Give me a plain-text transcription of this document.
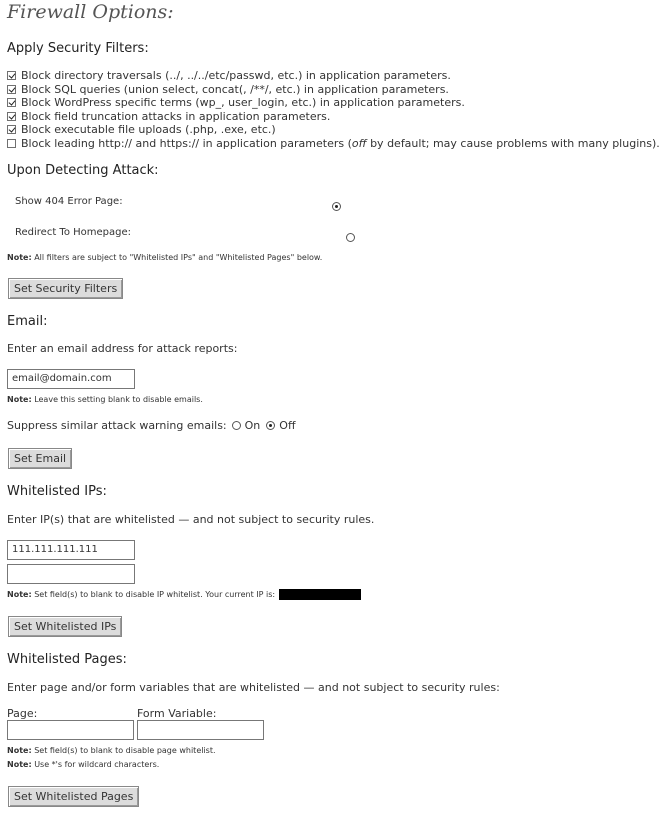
Firewall Options:
Apply Security Filters:
Block directory traversals (../, ../../etc/passwd, etc.) in application parameters.
Block SQL queries (union select, concat(, /**/, etc.) in application parameters.
Block WordPress specific terms (wp_, user_login, etc.) in application parameters.
Block field truncation attacks in application parameters.
Block executable file uploads (.php, .exe, etc.)
Block leading http:// and https:// in application parameters (off by default; may cause problems with many plugins).
Upon Detecting Attack:
Show 404 Error Page:

Redirect To Homepage:
Note: All filters are subject to "Whitelisted IPs" and "Whitelisted Pages" below.
Set Security Filters
Email:
Enter an email address for attack reports:
email@domain.com
Note: Leave this setting blank to disable emails.
Suppress similar attack warning emails: On Off
Set Email
Whitelisted IPs:
Enter IP(s) that are whitelisted — and not subject to security rules.
111.111.111.111
Note:
Set field(s) to blank to disable IP whitelist. Your current IP is:
Set Whitelisted IPs
Whitelisted Pages:
Enter page and/or form variables that are whitelisted — and not subject to security rules:
Page:	Form Variable:
Note: Set field(s) to blank to disable page whitelist.
Note: Use *'s for wildcard characters.
Set Whitelisted Pages
